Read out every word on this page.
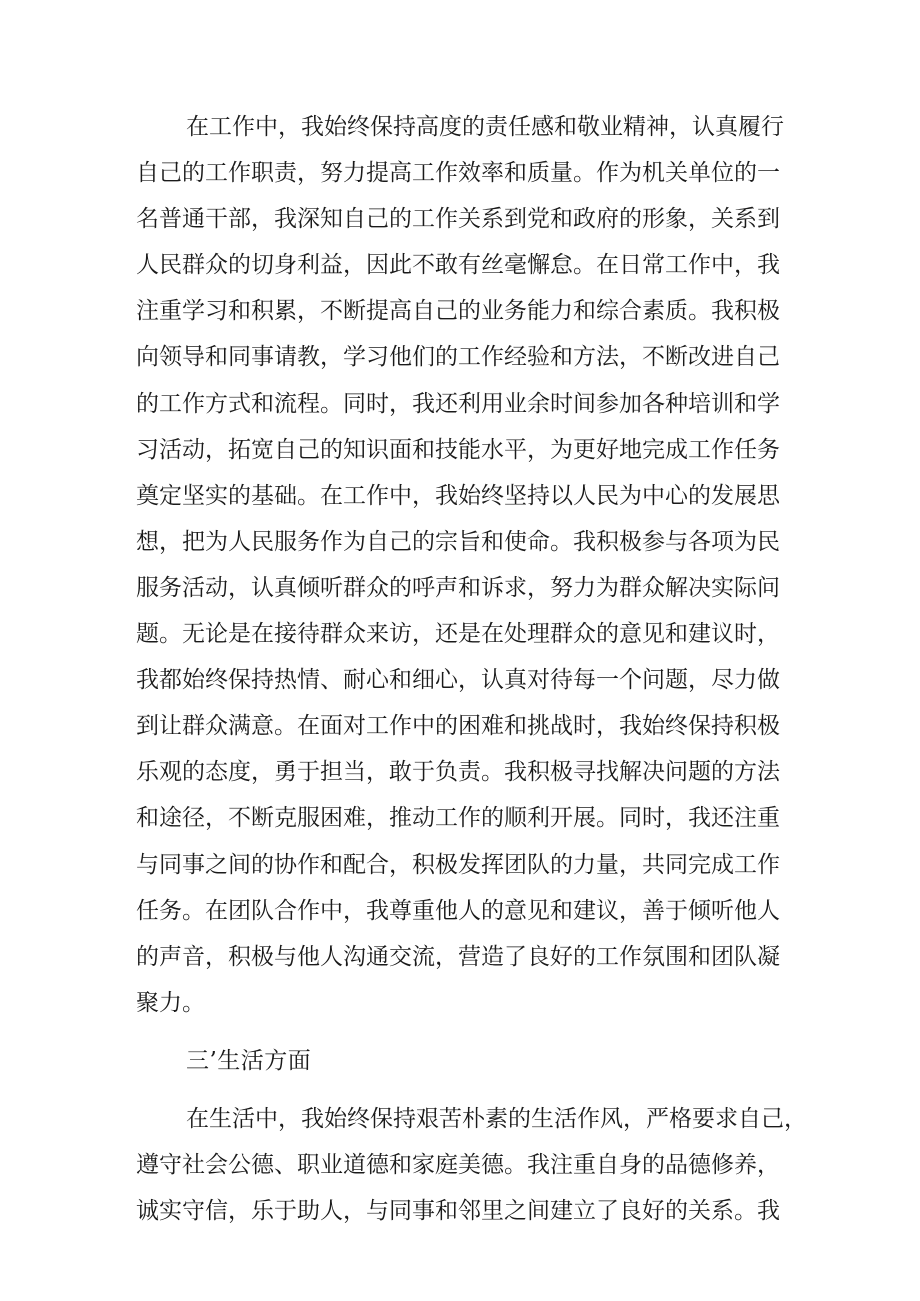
在工作中，我始终保持高度的责任感和敬业精神，认真履行
自己的工作职责，努力提高工作效率和质量。作为机关单位的一
名普通干部，我深知自己的工作关系到党和政府的形象，关系到
人民群众的切身利益，因此不敢有丝毫懈怠。在日常工作中，我
注重学习和积累，不断提高自己的业务能力和综合素质。我积极
向领导和同事请教，学习他们的工作经验和方法，不断改进自己
的工作方式和流程。同时，我还利用业余时间参加各种培训和学
习活动，拓宽自己的知识面和技能水平，为更好地完成工作任务
奠定坚实的基础。在工作中，我始终坚持以人民为中心的发展思
想，把为人民服务作为自己的宗旨和使命。我积极参与各项为民
服务活动，认真倾听群众的呼声和诉求，努力为群众解决实际问
题。无论是在接待群众来访，还是在处理群众的意见和建议时，
我都始终保持热情、耐心和细心，认真对待每一个问题，尽力做
到让群众满意。在面对工作中的困难和挑战时，我始终保持积极
乐观的态度，勇于担当，敢于负责。我积极寻找解决问题的方法
和途径，不断克服困难，推动工作的顺利开展。同时，我还注重
与同事之间的协作和配合，积极发挥团队的力量，共同完成工作
任务。在团队合作中，我尊重他人的意见和建议，善于倾听他人
的声音，积极与他人沟通交流，营造了良好的工作氛围和团队凝
聚力。
三’生活方面
在生活中，我始终保持艰苦朴素的生活作风，严格要求自己，
遵守社会公德、职业道德和家庭美德。我注重自身的品德修养，
诚实守信，乐于助人，与同事和邻里之间建立了良好的关系。我
